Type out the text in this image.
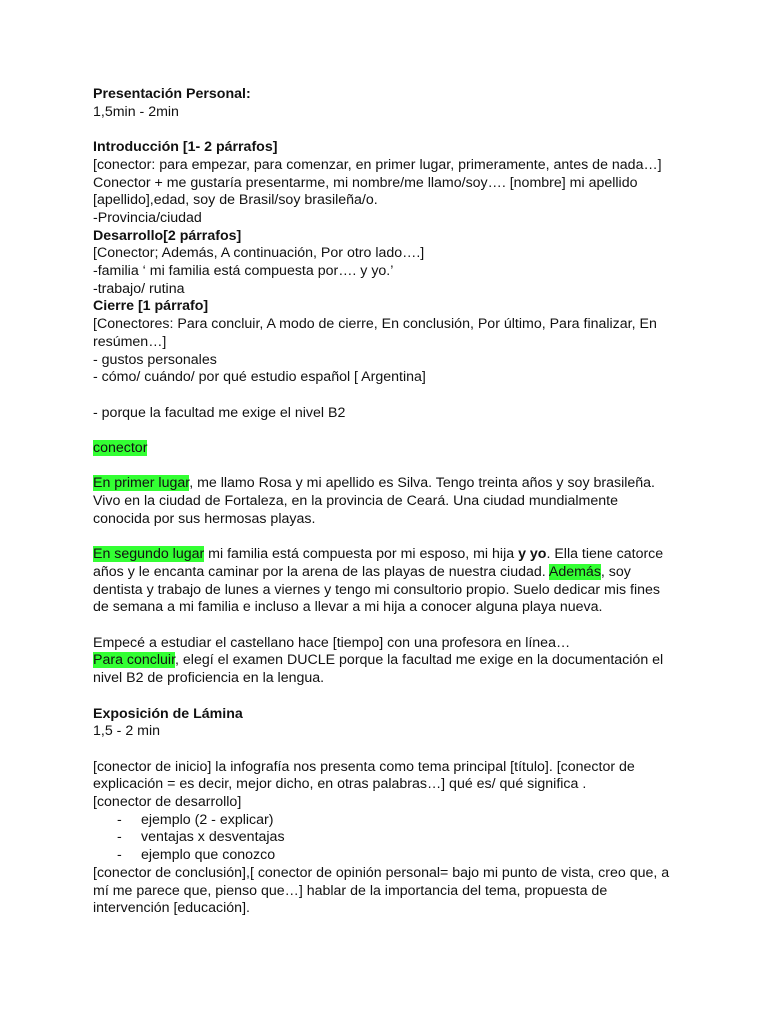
Presentación Personal:
1,5min - 2min
Introducción [1- 2 párrafos]
[conector: para empezar, para comenzar, en primer lugar, primeramente, antes de nada…]
Conector + me gustaría presentarme, mi nombre/me llamo/soy…. [nombre] mi apellido
[apellido],edad, soy de Brasil/soy brasileña/o.
-Provincia/ciudad
Desarrollo[2 párrafos]
[Conector; Además, A continuación, Por otro lado….]
-familia ‘ mi familia está compuesta por…. y yo.’
-trabajo/ rutina
Cierre [1 párrafo]
[Conectores: Para concluir, A modo de cierre, En conclusión, Por último, Para finalizar, En
resúmen…]
- gustos personales
- cómo/ cuándo/ por qué estudio español [ Argentina]
- porque la facultad me exige el nivel B2
conector
En primer lugar, me llamo Rosa y mi apellido es Silva. Tengo treinta años y soy brasileña.
Vivo en la ciudad de Fortaleza, en la provincia de Ceará. Una ciudad mundialmente
conocida por sus hermosas playas.
En segundo lugar mi familia está compuesta por mi esposo, mi hija y yo. Ella tiene catorce
años y le encanta caminar por la arena de las playas de nuestra ciudad. Además, soy
dentista y trabajo de lunes a viernes y tengo mi consultorio propio. Suelo dedicar mis fines
de semana a mi familia e incluso a llevar a mi hija a conocer alguna playa nueva.
Empecé a estudiar el castellano hace [tiempo] con una profesora en línea…
Para concluir, elegí el examen DUCLE porque la facultad me exige en la documentación el
nivel B2 de proficiencia en la lengua.
Exposición de Lámina
1,5 - 2 min
[conector de inicio] la infografía nos presenta como tema principal [título]. [conector de
explicación = es decir, mejor dicho, en otras palabras…] qué es/ qué significa .
[conector de desarrollo]
-	ejemplo (2 - explicar)
-	ventajas x desventajas
-	ejemplo que conozco
[conector de conclusión],[ conector de opinión personal= bajo mi punto de vista, creo que, a
mí me parece que, pienso que…] hablar de la importancia del tema, propuesta de
intervención [educación].
